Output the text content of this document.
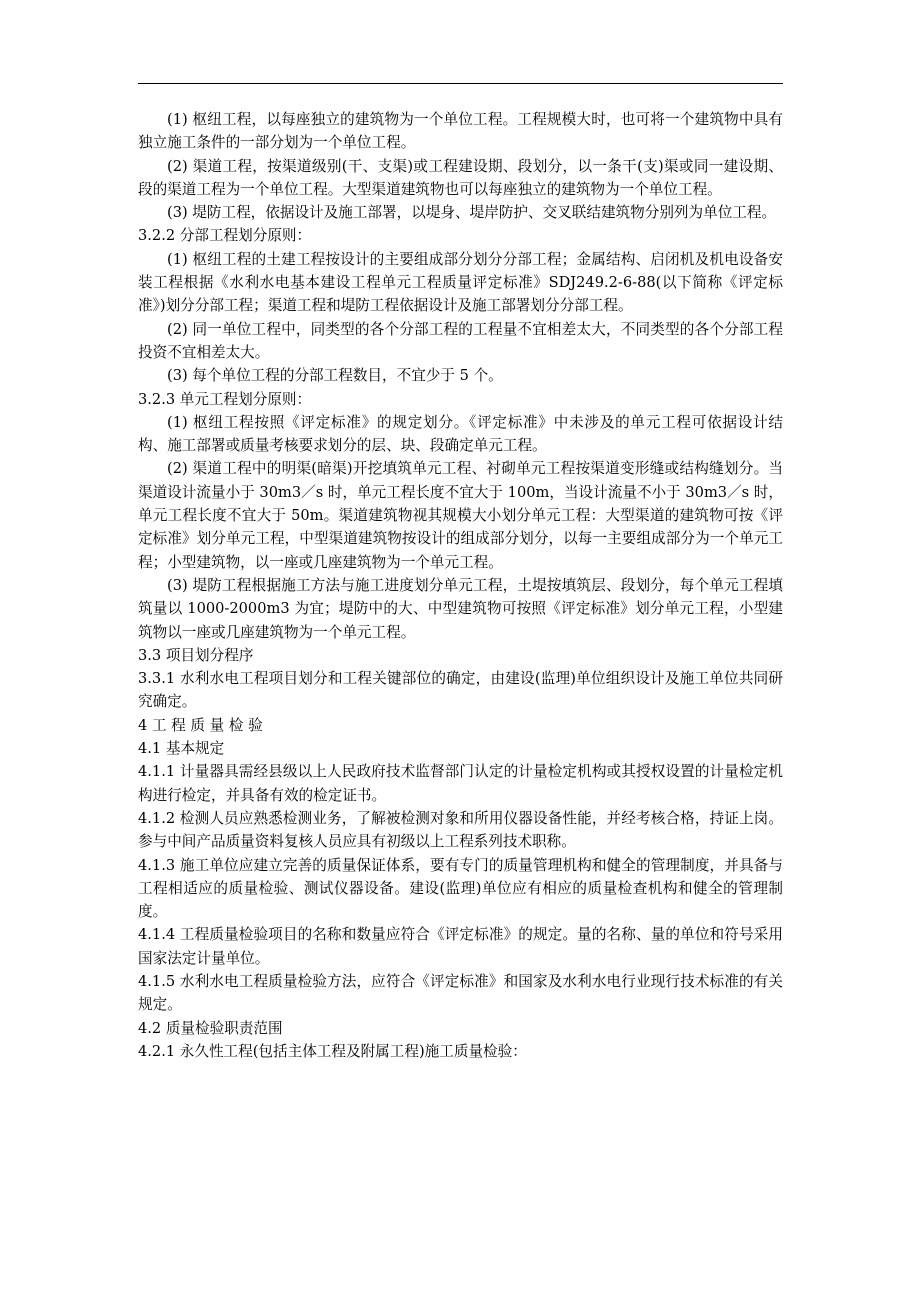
(1) 枢纽工程，以每座独立的建筑物为一个单位工程。工程规模大时，也可将一个建筑物中具有独立施工条件的一部分划为一个单位工程。

(2) 渠道工程，按渠道级别(干、支渠)或工程建设期、段划分，以一条干(支)渠或同一建设期、段的渠道工程为一个单位工程。大型渠道建筑物也可以每座独立的建筑物为一个单位工程。

(3) 堤防工程，依据设计及施工部署，以堤身、堤岸防护、交叉联结建筑物分别列为单位工程。

3.2.2 分部工程划分原则：

(1) 枢纽工程的土建工程按设计的主要组成部分划分分部工程；金属结构、启闭机及机电设备安装工程根据《水利水电基本建设工程单元工程质量评定标准》SDJ249.2-6-88(以下简称《评定标准》)划分分部工程；渠道工程和堤防工程依据设计及施工部署划分分部工程。

(2) 同一单位工程中，同类型的各个分部工程的工程量不宜相差太大，不同类型的各个分部工程投资不宜相差太大。

(3) 每个单位工程的分部工程数目，不宜少于 5 个。

3.2.3 单元工程划分原则：

(1) 枢纽工程按照《评定标准》的规定划分。《评定标准》中未涉及的单元工程可依据设计结构、施工部署或质量考核要求划分的层、块、段确定单元工程。

(2) 渠道工程中的明渠(暗渠)开挖填筑单元工程、衬砌单元工程按渠道变形缝或结构缝划分。当渠道设计流量小于 30m3／s 时，单元工程长度不宜大于 100m，当设计流量不小于 30m3／s 时，单元工程长度不宜大于 50m。渠道建筑物视其规模大小划分单元工程：大型渠道的建筑物可按《评定标准》划分单元工程，中型渠道建筑物按设计的组成部分划分，以每一主要组成部分为一个单元工程；小型建筑物，以一座或几座建筑物为一个单元工程。

(3) 堤防工程根据施工方法与施工进度划分单元工程，土堤按填筑层、段划分，每个单元工程填筑量以 1000-2000m3 为宜；堤防中的大、中型建筑物可按照《评定标准》划分单元工程，小型建筑物以一座或几座建筑物为一个单元工程。

3.3 项目划分程序

3.3.1 水利水电工程项目划分和工程关键部位的确定，由建设(监理)单位组织设计及施工单位共同研究确定。

4 工 程 质 量 检 验

4.1 基本规定

4.1.1 计量器具需经县级以上人民政府技术监督部门认定的计量检定机构或其授权设置的计量检定机构进行检定，并具备有效的检定证书。

4.1.2 检测人员应熟悉检测业务，了解被检测对象和所用仪器设备性能，并经考核合格，持证上岗。参与中间产品质量资料复核人员应具有初级以上工程系列技术职称。

4.1.3 施工单位应建立完善的质量保证体系，要有专门的质量管理机构和健全的管理制度，并具备与工程相适应的质量检验、测试仪器设备。建设(监理)单位应有相应的质量检查机构和健全的管理制度。

4.1.4 工程质量检验项目的名称和数量应符合《评定标准》的规定。量的名称、量的单位和符号采用国家法定计量单位。

4.1.5 水利水电工程质量检验方法，应符合《评定标准》和国家及水利水电行业现行技术标准的有关规定。

4.2 质量检验职责范围

4.2.1 永久性工程(包括主体工程及附属工程)施工质量检验：
